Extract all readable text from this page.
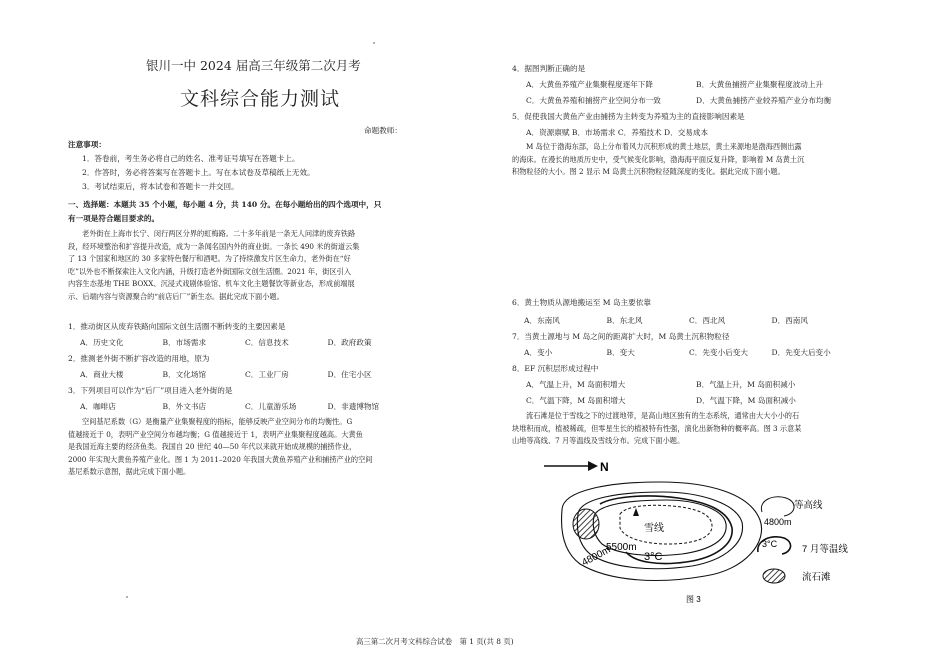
银川一中 2024 届高三年级第二次月考
文科综合能力测试
命题教师：
注意事项：
1．答卷前，考生务必将自己的姓名、准考证号填写在答题卡上。
2．作答时，务必将答案写在答题卡上。写在本试卷及草稿纸上无效。
3．考试结束后，将本试卷和答题卡一并交回。
一、选择题：本题共 35 个小题，每小题 4 分，共 140 分。在每小题给出的四个选项中，只
有一项是符合题目要求的。
老外街在上海市长宁、闵行两区分界的虹梅路。二十多年前是一条无人问津的废弃铁路
段，经环境整治和扩容提升改造，成为一条闻名国内外的商业街。一条长 490 米的街道云集
了 13 个国家和地区的 30 多家特色餐厅和酒吧。为了持续激发片区生命力，老外街在“好
吃”以外也不断探索注入文化内涵，升级打造老外街国际文创生活圈。2021 年，街区引入
内容生态基地 THE BOXX、沉浸式戏剧体验馆、机车文化主题餐饮等新业态，形成前端展
示、后端内容与资源聚合的“前店后厂”新生态。据此完成下面小题。
1．推动街区从废弃铁路向国际文创生活圈不断转变的主要因素是
A．历史文化	B．市场需求	C．信息技术	D．政府政策
2．推测老外街不断扩容改造的用地，原为
A．商业大楼	B．文化场馆	C．工业厂房	D．住宅小区
3．下列项目可以作为“后厂”项目进入老外街的是
A．咖啡店	B．外文书店	C．儿童游乐场	D．非遗博物馆
空间基尼系数（G）是衡量产业集聚程度的指标，能够反映产业空间分布的均衡性。G
值越接近于 0，表明产业空间分布越均衡；G 值越接近于 1，表明产业集聚程度越高。大黄鱼
是我国近海主要的经济鱼类。我国自 20 世纪 40—50 年代以来就开始成规模的捕捞作业，
2000 年实现大黄鱼养殖产业化。图 1 为 2011–2020 年我国大黄鱼养殖产业和捕捞产业的空间
基尼系数示意图，据此完成下面小题。
4．据图判断正确的是
A．大黄鱼养殖产业集聚程度逐年下降	B．大黄鱼捕捞产业集聚程度波动上升
C．大黄鱼养殖和捕捞产业空间分布一致	D．大黄鱼捕捞产业较养殖产业分布均衡
5．促使我国大黄鱼产业由捕捞为主转变为养殖为主的直接影响因素是
A．资源禀赋 B．市场需求 C．养殖技术 D．交易成本
M 岛位于渤海东部，岛上分布着风力沉积形成的黄土地层，黄土来源地是渤海西侧出露
的海床。在漫长的地质历史中，受气候变化影响，渤海海平面反复升降，影响着 M 岛黄土沉
积物粒径的大小。图 2 显示 M 岛黄土沉积物粒径随深度的变化。据此完成下面小题。
6．黄土物质从源地搬运至 M 岛主要依靠
A．东南风	B．东北风	C．西北风	D．西南风
7．当黄土源地与 M 岛之间的距离扩大时，M 岛黄土沉积物粒径
A．变小	B．变大	C．先变小后变大	D．先变大后变小
8．EF 沉积层形成过程中
A．气温上升，M 岛面积增大	B．气温上升，M 岛面积减小
C．气温下降，M 岛面积增大	D．气温下降，M 岛面积减小
流石滩是位于雪线之下的过渡地带，是高山地区独有的生态系统，通常由大大小小的石
块堆积而成，植被稀疏，但零星生长的植被特有性强，演化出新物种的概率高。图 3 示意某
山地等高线、7 月等温线及雪线分布。完成下面小题。
N
雪线
5500m
4800m	3°C
4800m
等高线
3°C	7 月等温线
流石滩
图 3
高三第二次月考文科综合试卷　第 1 页(共 8 页)
